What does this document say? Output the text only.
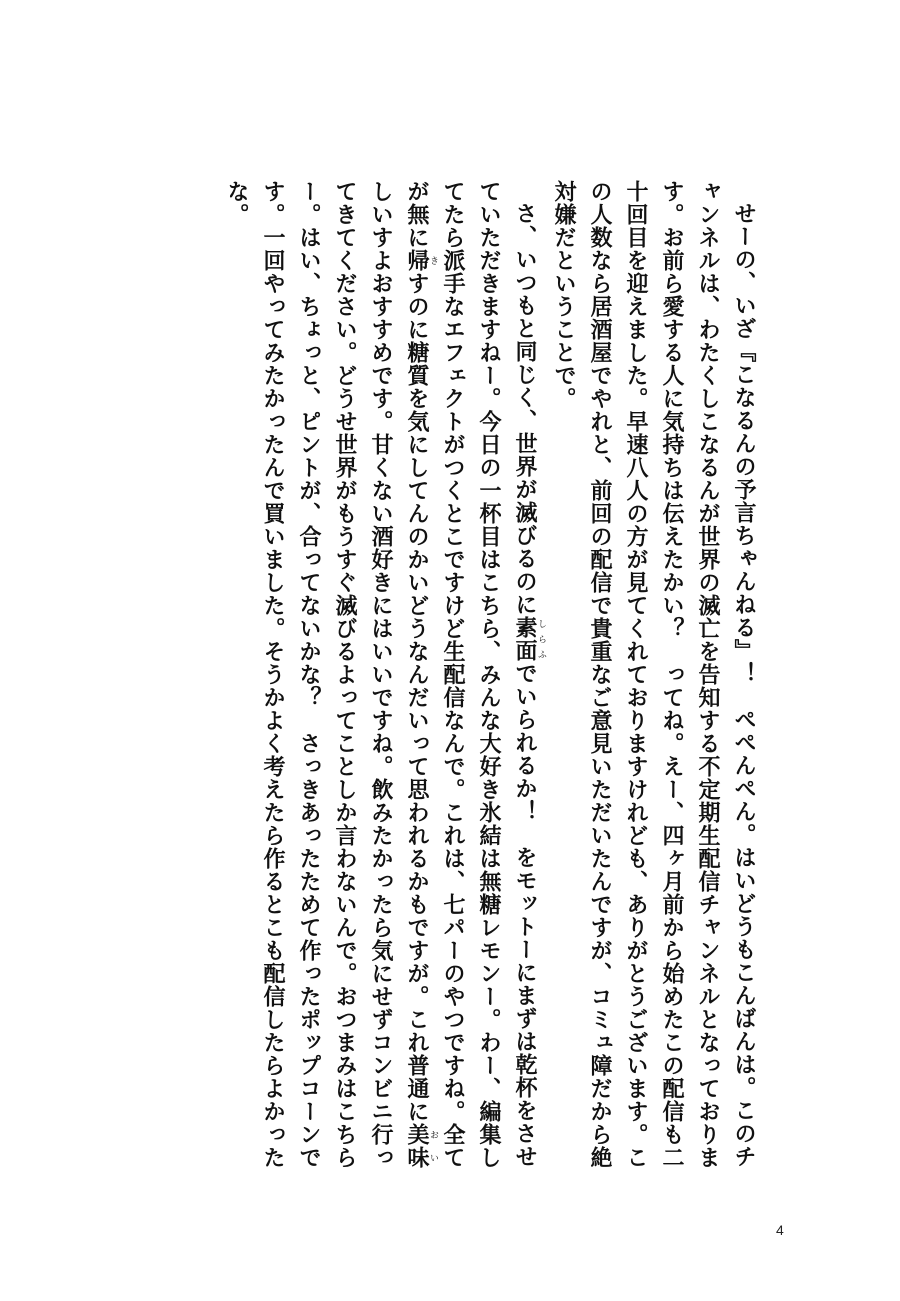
せーの、いざ『こなるんの予言ちゃんねる』！　ぺぺんぺん。はいどうもこんばんは。このチャンネルは、わたくしこなるんが世界の滅亡を告知する不定期生配信チャンネルとなっております。お前ら愛する人に気持ちは伝えたかい？　ってね。えー、四ヶ月前から始めたこの配信も二十回目を迎えました。早速八人の方が見てくれておりますけれども、ありがとうございます。この人数なら居酒屋でやれと、前回の配信で貴重なご意見いただいたんですが、コミュ障だから絶対嫌だということで。

さ、いつもと同じく、世界が滅びるのに素面しらふでいられるか！　をモットーにまずは乾杯をさせていただきますねー。今日の一杯目はこちら、みんな大好き氷結は無糖レモンー。わー、編集してたら派手なエフェクトがつくとこですけど生配信なんで。これは、七パーのやつですね。全てが無に帰きすのに糖質を気にしてんのかいどうなんだいって思われるかもですが。これ普通に美味おいしいすよおすすめです。甘くない酒好きにはいいですね。飲みたかったら気にせずコンビニ行ってきてください。どうせ世界がもうすぐ滅びるよってことしか言わないんで。おつまみはこちらー。はい、ちょっと、ピントが、合ってないかな？　さっきあったためて作ったポップコーンです。一回やってみたかったんで買いました。そうかよく考えたら作るとこも配信したらよかったな。

4
